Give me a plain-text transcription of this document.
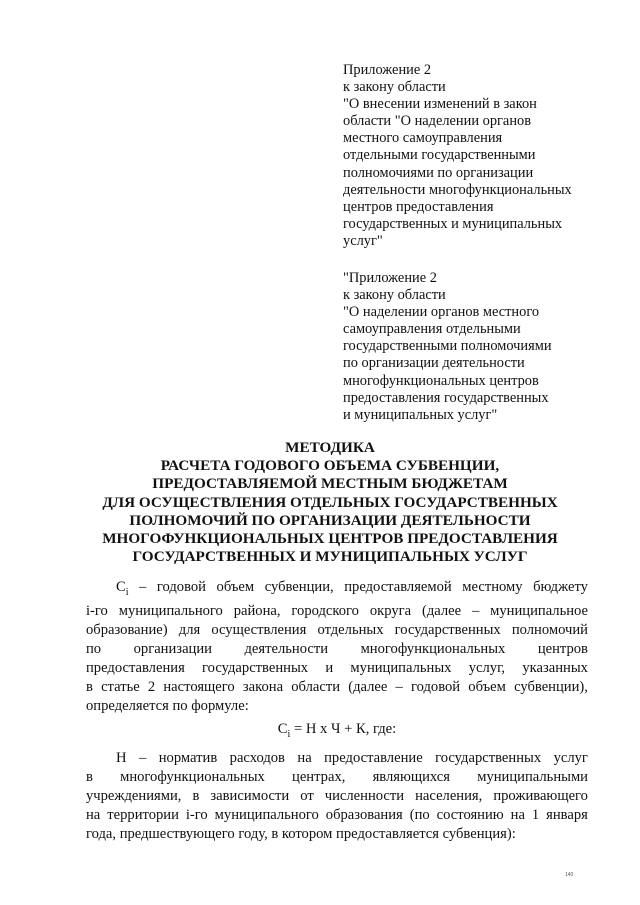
Приложение 2
к закону области
"О внесении изменений в закон
области "О наделении органов
местного самоуправления
отдельными государственными
полномочиями по организации
деятельности многофункциональных
центров предоставления
государственных и муниципальных
услуг"
"Приложение 2
к закону области
"О наделении органов местного
самоуправления отдельными
государственными полномочиями
по организации деятельности
многофункциональных центров
предоставления государственных
и муниципальных услуг"
МЕТОДИКА
РАСЧЕТА ГОДОВОГО ОБЪЕМА СУБВЕНЦИИ,
ПРЕДОСТАВЛЯЕМОЙ МЕСТНЫМ БЮДЖЕТАМ
ДЛЯ ОСУЩЕСТВЛЕНИЯ ОТДЕЛЬНЫХ ГОСУДАРСТВЕННЫХ
ПОЛНОМОЧИЙ ПО ОРГАНИЗАЦИИ ДЕЯТЕЛЬНОСТИ
МНОГОФУНКЦИОНАЛЬНЫХ ЦЕНТРОВ ПРЕДОСТАВЛЕНИЯ
ГОСУДАРСТВЕННЫХ И МУНИЦИПАЛЬНЫХ УСЛУГ
$С_i$ – годовой объем субвенции, предоставляемой местному бюджету
i-го муниципального района, городского округа (далее – муниципальное
образование) для осуществления отдельных государственных полномочий
по организации деятельности многофункциональных центров
предоставления государственных и муниципальных услуг, указанных
в статье 2 настоящего закона области (далее – годовой объем субвенции),
определяется по формуле:
$С_i = Н$ х Ч + К, где:
Н – норматив расходов на предоставление государственных услуг
в многофункциональных центрах, являющихся муниципальными
учреждениями, в зависимости от численности населения, проживающего
на территории i-го муниципального образования (по состоянию на 1 января
года, предшествующего году, в котором предоставляется субвенция):
140
